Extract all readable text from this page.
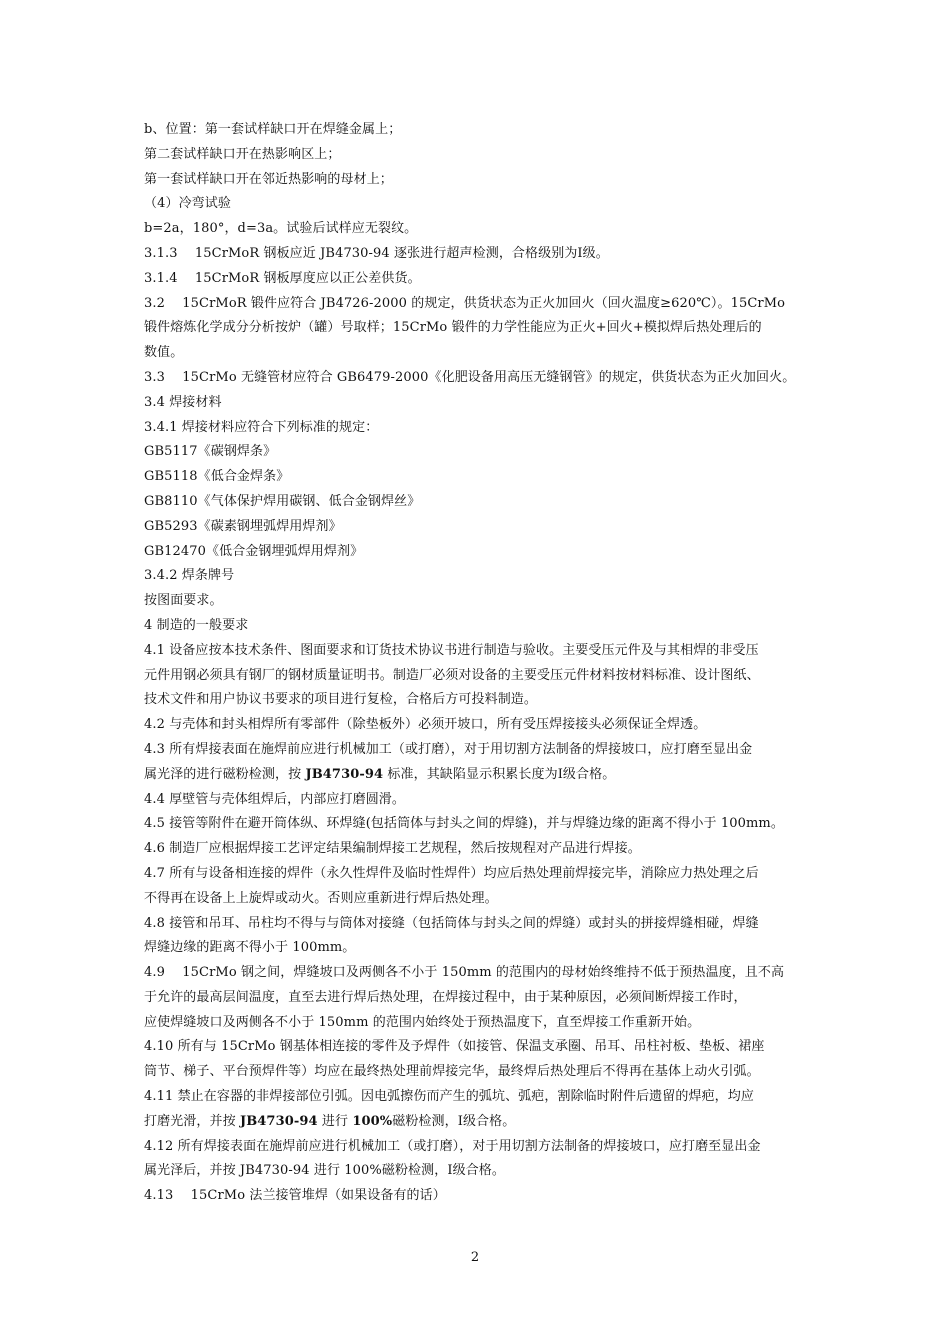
b、位置：第一套试样缺口开在焊缝金属上；
第二套试样缺口开在热影响区上；
第一套试样缺口开在邻近热影响的母材上；
（4）冷弯试验
b=2a，180°，d=3a。试验后试样应无裂纹。
3.1.3　 15CrMoR 钢板应近 JB4730-94 逐张进行超声检测，合格级别为Ⅰ级。
3.1.4　 15CrMoR 钢板厚度应以正公差供货。
3.2　 15CrMoR 锻件应符合 JB4726-2000 的规定，供货状态为正火加回火（回火温度≥620℃）。15CrMo
锻件熔炼化学成分分析按炉（罐）号取样；15CrMo 锻件的力学性能应为正火+回火+模拟焊后热处理后的
数值。
3.3　 15CrMo 无缝管材应符合 GB6479-2000《化肥设备用高压无缝钢管》的规定，供货状态为正火加回火。
3.4 焊接材料
3.4.1 焊接材料应符合下列标准的规定：
GB5117《碳钢焊条》
GB5118《低合金焊条》
GB8110《气体保护焊用碳钢、低合金钢焊丝》
GB5293《碳素钢埋弧焊用焊剂》
GB12470《低合金钢埋弧焊用焊剂》
3.4.2 焊条牌号
按图面要求。
4 制造的一般要求
4.1 设备应按本技术条件、图面要求和订货技术协议书进行制造与验收。主要受压元件及与其相焊的非受压
元件用钢必须具有钢厂的钢材质量证明书。制造厂必须对设备的主要受压元件材料按材料标准、设计图纸、
技术文件和用户协议书要求的项目进行复检，合格后方可投料制造。
4.2 与壳体和封头相焊所有零部件（除垫板外）必须开坡口，所有受压焊接接头必须保证全焊透。
4.3 所有焊接表面在施焊前应进行机械加工（或打磨），对于用切割方法制备的焊接坡口，应打磨至显出金
属光泽的进行磁粉检测，按 JB4730-94 标准，其缺陷显示积累长度为Ⅰ级合格。
4.4 厚壁管与壳体组焊后，内部应打磨圆滑。
4.5 接管等附件在避开筒体纵、环焊缝(包括筒体与封头之间的焊缝)，并与焊缝边缘的距离不得小于 100mm。
4.6 制造厂应根据焊接工艺评定结果编制焊接工艺规程，然后按规程对产品进行焊接。
4.7 所有与设备相连接的焊件（永久性焊件及临时性焊件）均应后热处理前焊接完毕，消除应力热处理之后
不得再在设备上上旋焊或动火。否则应重新进行焊后热处理。
4.8 接管和吊耳、吊柱均不得与与筒体对接缝（包括筒体与封头之间的焊缝）或封头的拼接焊缝相碰，焊缝
焊缝边缘的距离不得小于 100mm。
4.9　 15CrMo 钢之间，焊缝坡口及两侧各不小于 150mm 的范围内的母材始终维持不低于预热温度，且不高
于允许的最高层间温度，直至去进行焊后热处理，在焊接过程中，由于某种原因，必须间断焊接工作时，
应使焊缝坡口及两侧各不小于 150mm 的范围内始终处于预热温度下，直至焊接工作重新开始。
4.10 所有与 15CrMo 钢基体相连接的零件及予焊件（如接管、保温支承圈、吊耳、吊柱衬板、垫板、裙座
筒节、梯子、平台预焊件等）均应在最终热处理前焊接完华，最终焊后热处理后不得再在基体上动火引弧。
4.11 禁止在容器的非焊接部位引弧。因电弧擦伤而产生的弧坑、弧疤，割除临时附件后遗留的焊疤，均应
打磨光滑，并按 JB4730-94 进行 100%磁粉检测，Ⅰ级合格。
4.12 所有焊接表面在施焊前应进行机械加工（或打磨），对于用切割方法制备的焊接坡口，应打磨至显出金
属光泽后，并按 JB4730-94 进行 100%磁粉检测，Ⅰ级合格。
4.13　 15CrMo 法兰接管堆焊（如果设备有的话）
2
